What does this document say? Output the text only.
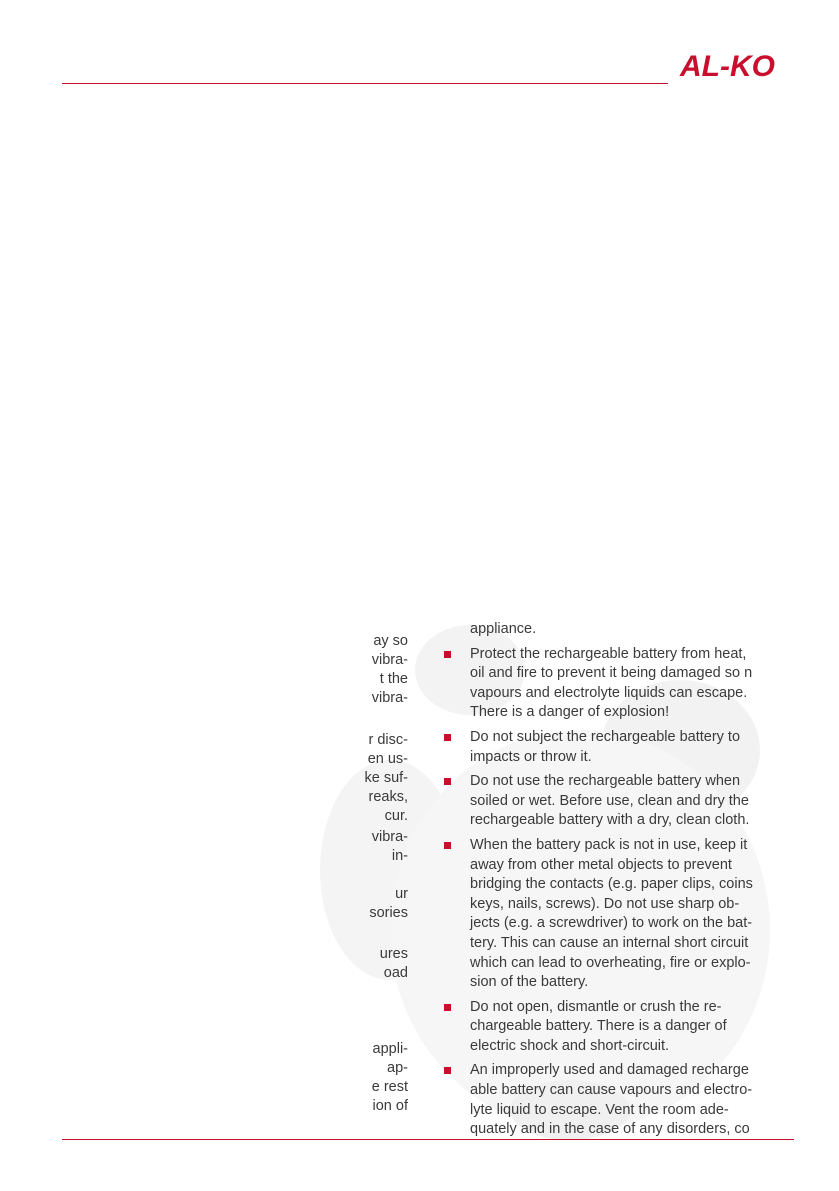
AL-KO
ay so
vibra-
t the
vibra-
r disc-
en us-
ke suf-
reaks,
cur.
vibra-
in-
ur
sories
ures
oad
appli-
ap-
e rest
ion of

appliance.

Protect the rechargeable battery from heat,
oil and fire to prevent it being damaged so n
vapours and electrolyte liquids can escape.
There is a danger of explosion!
Do not subject the rechargeable battery to
impacts or throw it.
Do not use the rechargeable battery when
soiled or wet. Before use, clean and dry the
rechargeable battery with a dry, clean cloth.
When the battery pack is not in use, keep it
away from other metal objects to prevent
bridging the contacts (e.g. paper clips, coins
keys, nails, screws). Do not use sharp ob-
jects (e.g. a screwdriver) to work on the bat-
tery. This can cause an internal short circuit
which can lead to overheating, fire or explo-
sion of the battery.
Do not open, dismantle or crush the re-
chargeable battery. There is a danger of
electric shock and short-circuit.
An improperly used and damaged recharge
able battery can cause vapours and electro-
lyte liquid to escape. Vent the room ade-
quately and in the case of any disorders, co
